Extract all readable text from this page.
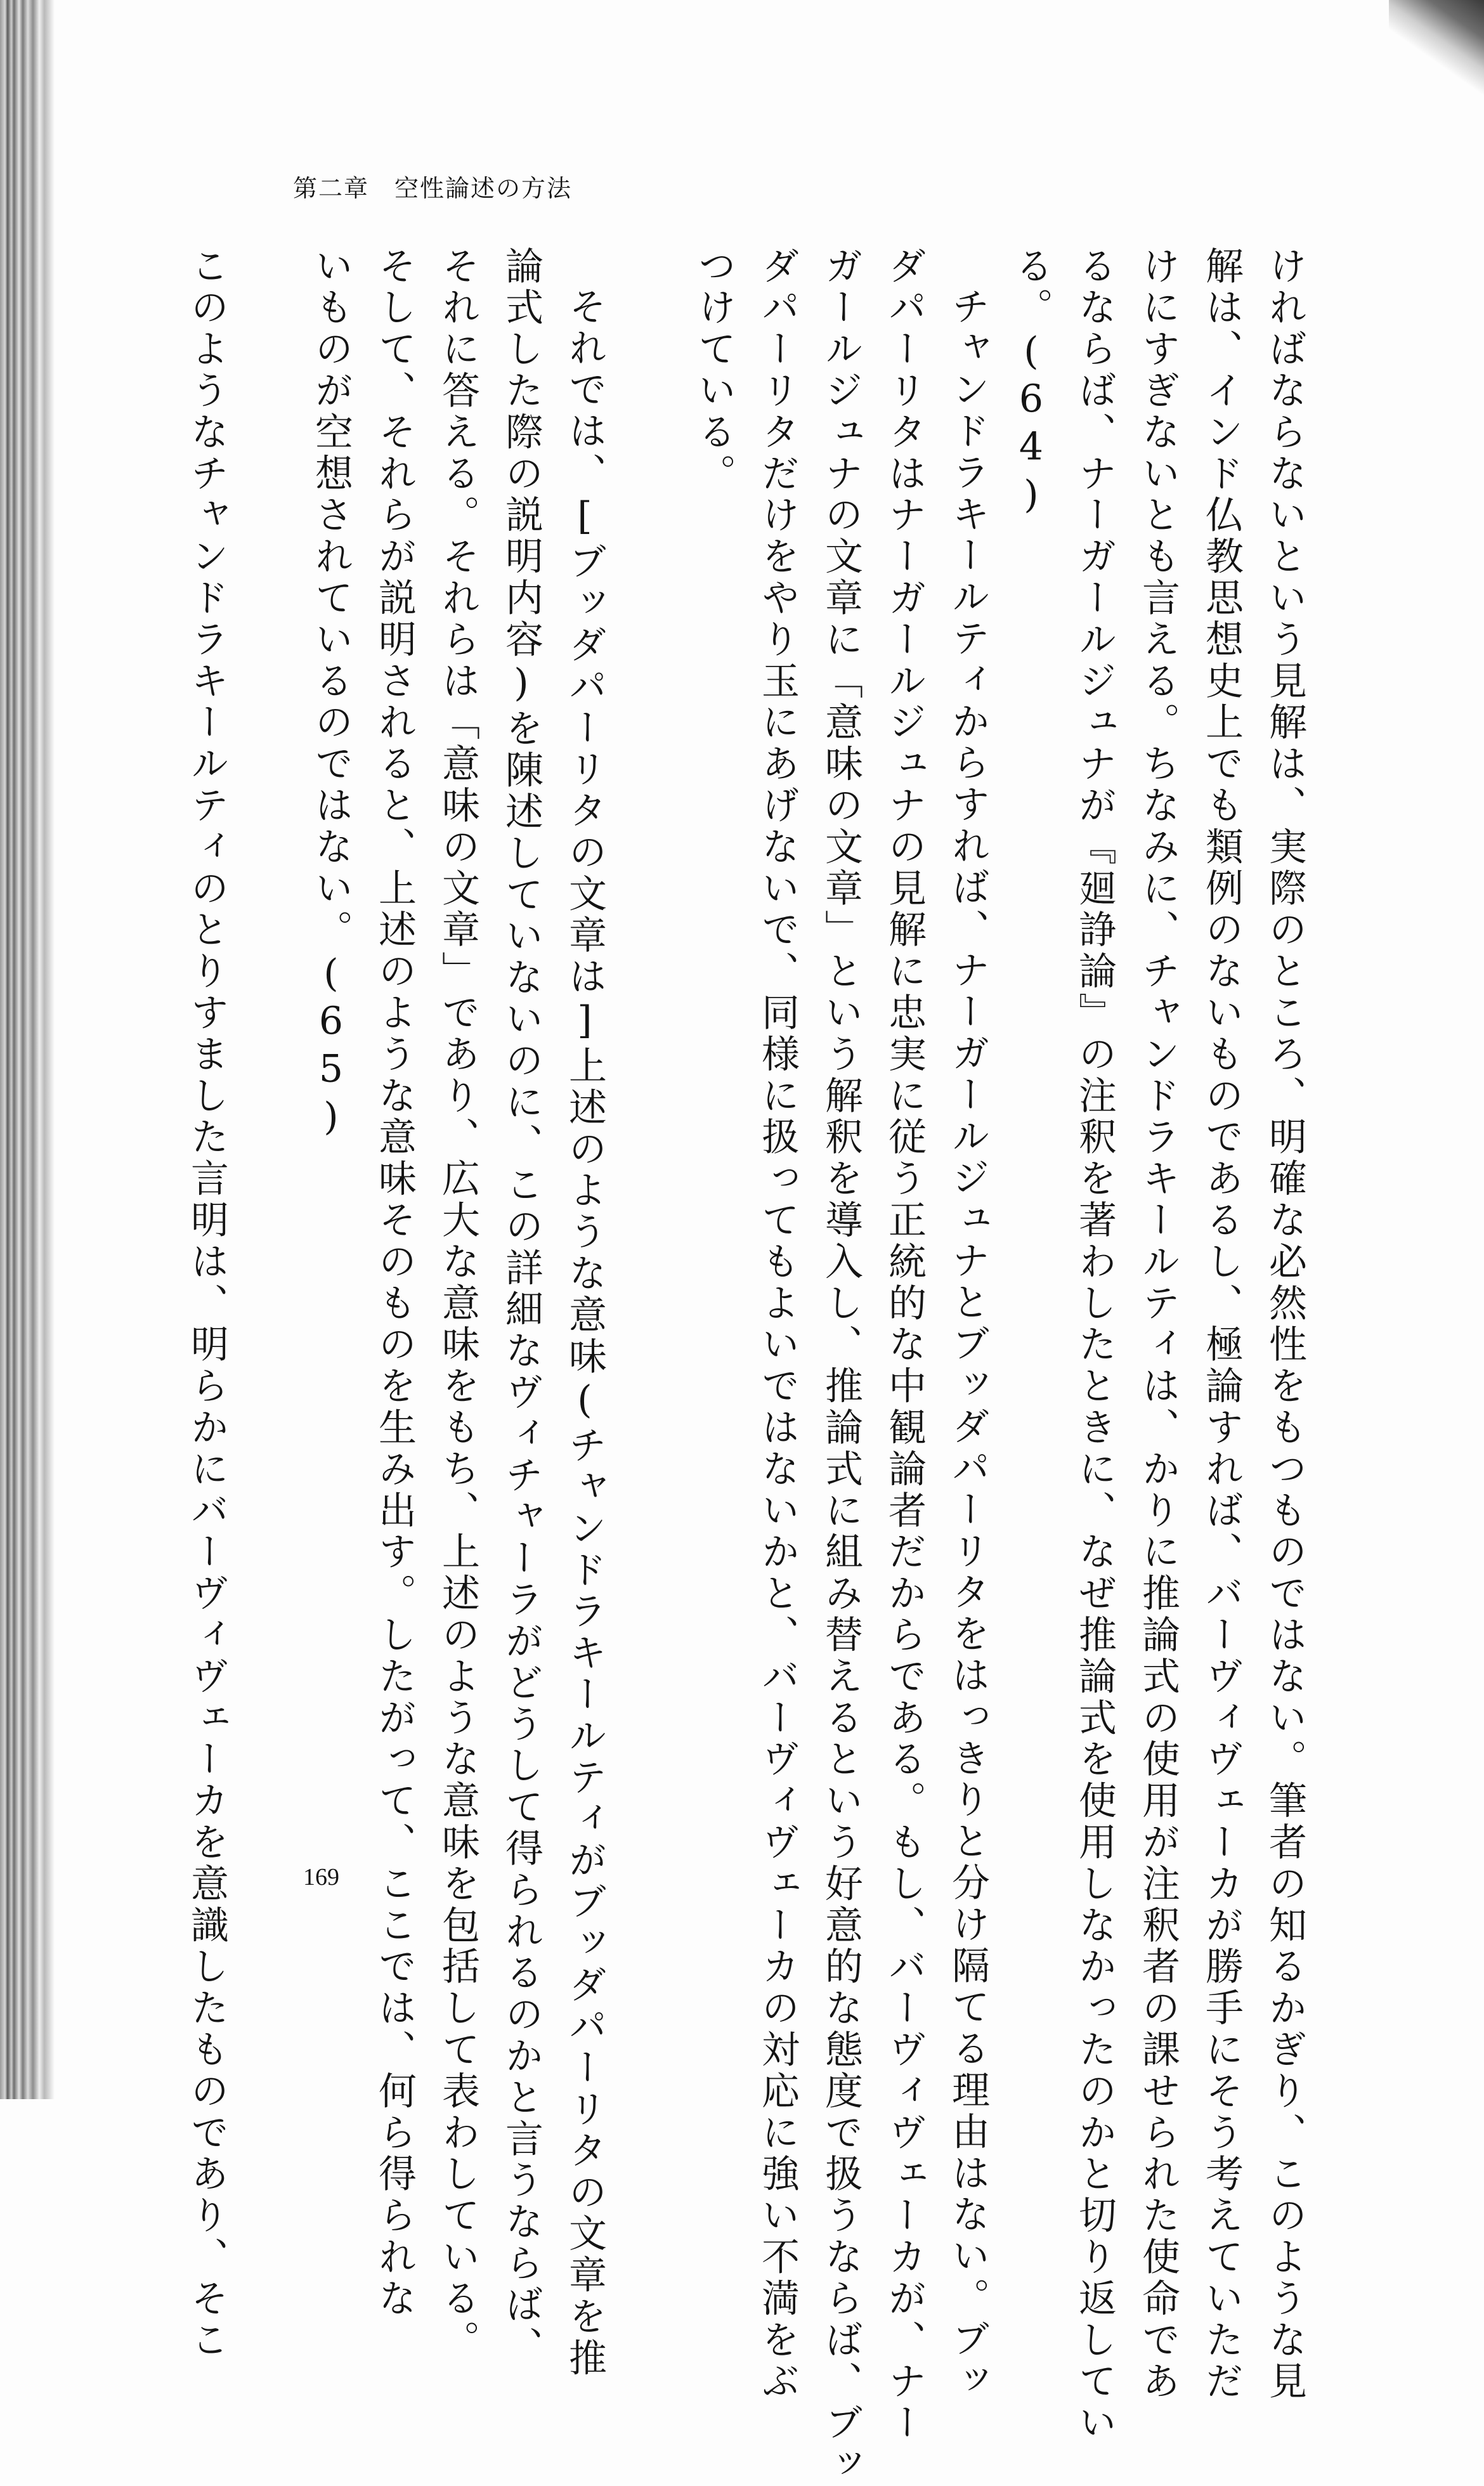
第二章　空性論述の方法
ければならないという見解は、実際のところ、明確な必然性をもつものではない。筆者の知るかぎり、このような見
解は、インド仏教思想史上でも類例のないものであるし、極論すれば、バーヴィヴェーカが勝手にそう考えていただ
けにすぎないとも言える。ちなみに、チャンドラキールティは、かりに推論式の使用が注釈者の課せられた使命であ
るならば、ナーガールジュナが『廻諍論』の注釈を著わしたときに、なぜ推論式を使用しなかったのかと切り返してい
る。(64)
チャンドラキールティからすれば、ナーガールジュナとブッダパーリタをはっきりと分け隔てる理由はない。ブッ
ダパーリタはナーガールジュナの見解に忠実に従う正統的な中観論者だからである。もし、バーヴィヴェーカが、ナー
ガールジュナの文章に「意味の文章」という解釈を導入し、推論式に組み替えるという好意的な態度で扱うならば、ブッ
ダパーリタだけをやり玉にあげないで、同様に扱ってもよいではないかと、バーヴィヴェーカの対応に強い不満をぶ
つけている。
それでは、[ブッダパーリタの文章は]上述のような意味(チャンドラキールティがブッダパーリタの文章を推
論式した際の説明内容)を陳述していないのに、この詳細なヴィチャーラがどうして得られるのかと言うならば、
それに答える。それらは「意味の文章」であり、広大な意味をもち、上述のような意味を包括して表わしている。
そして、それらが説明されると、上述のような意味そのものを生み出す。したがって、ここでは、何ら得られな
いものが空想されているのではない。(65)
このようなチャンドラキールティのとりすました言明は、明らかにバーヴィヴェーカを意識したものであり、そこ	169
